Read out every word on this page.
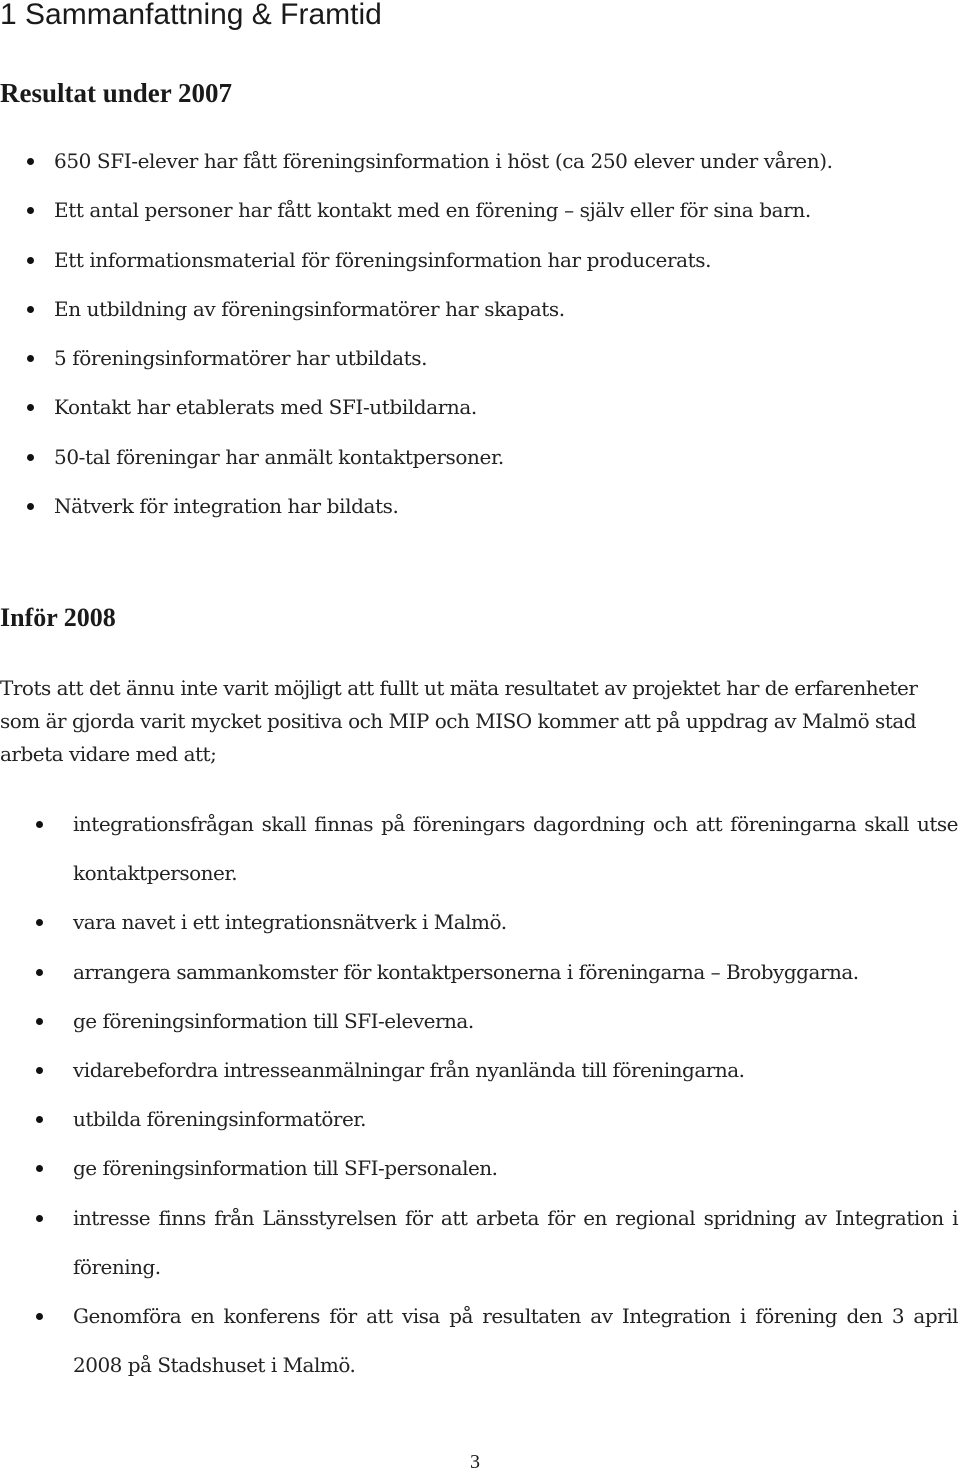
1 Sammanfattning & Framtid
Resultat under 2007
650 SFI-elever har fått föreningsinformation i höst (ca 250 elever under våren).
Ett antal personer har fått kontakt med en förening – själv eller för sina barn.
Ett informationsmaterial för föreningsinformation har producerats.
En utbildning av föreningsinformatörer har skapats.
5 föreningsinformatörer har utbildats.
Kontakt har etablerats med SFI-utbildarna.
50-tal föreningar har anmält kontaktpersoner.
Nätverk för integration har bildats.
Inför 2008

Trots att det ännu inte varit möjligt att fullt ut mäta resultatet av projektet har de erfarenheter som är gjorda varit mycket positiva och MIP och MISO kommer att på uppdrag av Malmö stad arbeta vidare med att;

integrationsfrågan skall finnas på föreningars dagordning och att föreningarna skall utse kontaktpersoner.
vara navet i ett integrationsnätverk i Malmö.
arrangera sammankomster för kontaktpersonerna i föreningarna – Brobyggarna.
ge föreningsinformation till SFI-eleverna.
vidarebefordra intresseanmälningar från nyanlända till föreningarna.
utbilda föreningsinformatörer.
ge föreningsinformation till SFI-personalen.
intresse finns från Länsstyrelsen för att arbeta för en regional spridning av Integration i förening.
Genomföra en konferens för att visa på resultaten av Integration i förening den 3 april 2008 på Stadshuset i Malmö.
3
